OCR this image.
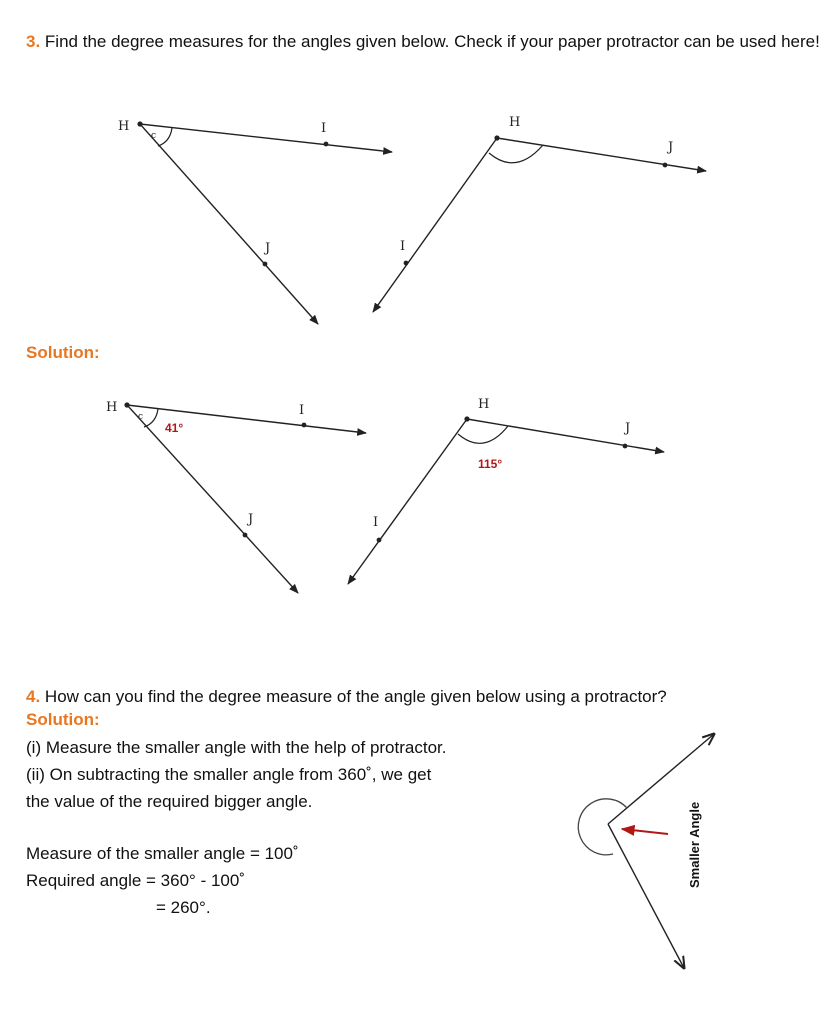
3. Find the degree measures for the angles given below. Check if your paper protractor can be used here!
H	I
J
c
H
J
I
Solution:
H	I
J
c
41°
H
J
I
115°
4. How can you find the degree measure of the angle given below using a protractor?
Solution:
(i) Measure the smaller angle with the help of protractor.
(ii) On subtracting the smaller angle from 360˚, we get
the value of the required bigger angle.
Measure of the smaller angle = 100˚
Required angle = 360° - 100˚
= 260°.
Smaller Angle
